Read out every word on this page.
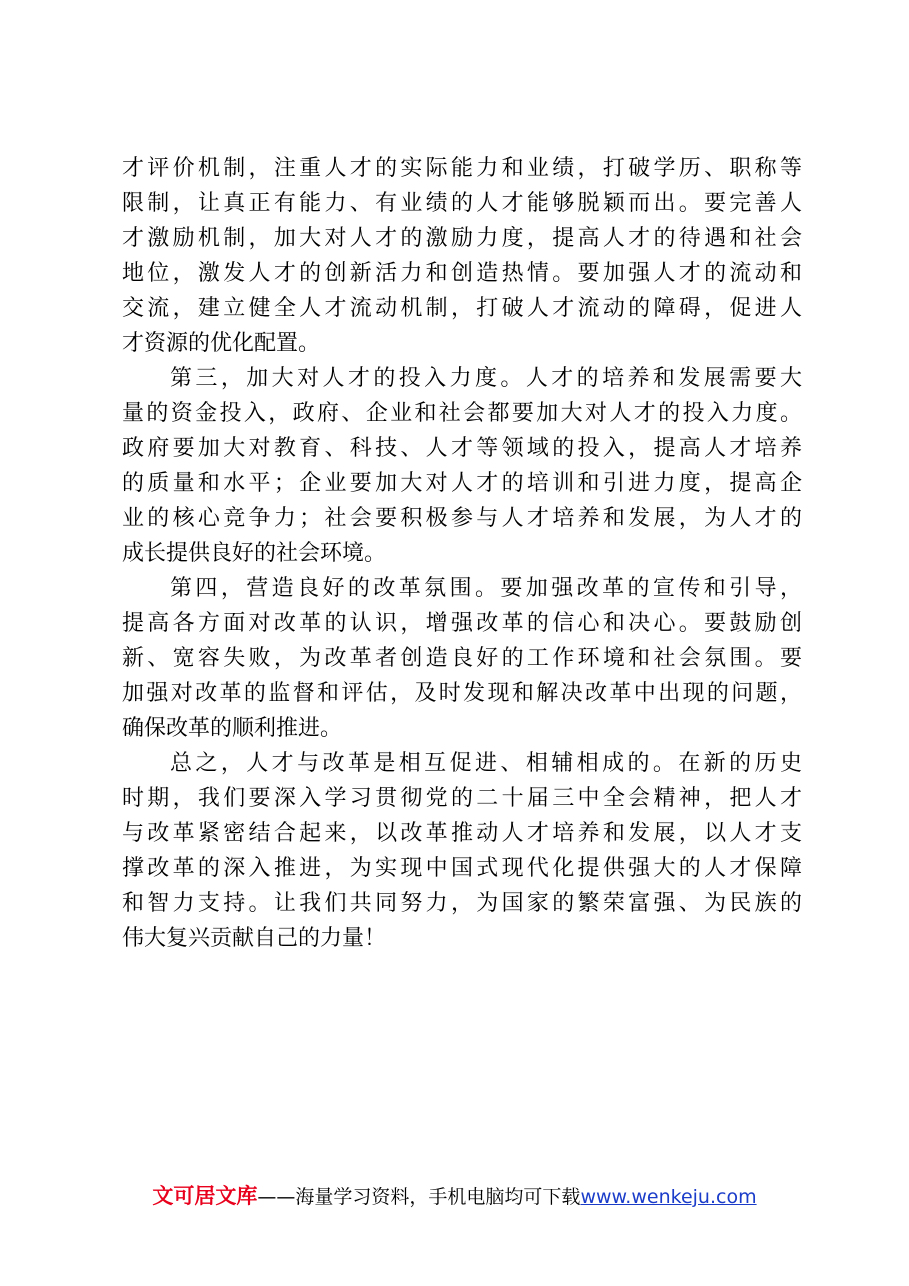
才评价机制，注重人才的实际能力和业绩，打破学历、职称等
限制，让真正有能力、有业绩的人才能够脱颖而出。要完善人
才激励机制，加大对人才的激励力度，提高人才的待遇和社会
地位，激发人才的创新活力和创造热情。要加强人才的流动和
交流，建立健全人才流动机制，打破人才流动的障碍，促进人
才资源的优化配置。
第三，加大对人才的投入力度。人才的培养和发展需要大
量的资金投入，政府、企业和社会都要加大对人才的投入力度。
政府要加大对教育、科技、人才等领域的投入，提高人才培养
的质量和水平；企业要加大对人才的培训和引进力度，提高企
业的核心竞争力；社会要积极参与人才培养和发展，为人才的
成长提供良好的社会环境。
第四，营造良好的改革氛围。要加强改革的宣传和引导，
提高各方面对改革的认识，增强改革的信心和决心。要鼓励创
新、宽容失败，为改革者创造良好的工作环境和社会氛围。要
加强对改革的监督和评估，及时发现和解决改革中出现的问题，
确保改革的顺利推进。
总之，人才与改革是相互促进、相辅相成的。在新的历史
时期，我们要深入学习贯彻党的二十届三中全会精神，把人才
与改革紧密结合起来，以改革推动人才培养和发展，以人才支
撑改革的深入推进，为实现中国式现代化提供强大的人才保障
和智力支持。让我们共同努力，为国家的繁荣富强、为民族的
伟大复兴贡献自己的力量！
文可居文库——海量学习资料，手机电脑均可下载www.wenkeju.com
